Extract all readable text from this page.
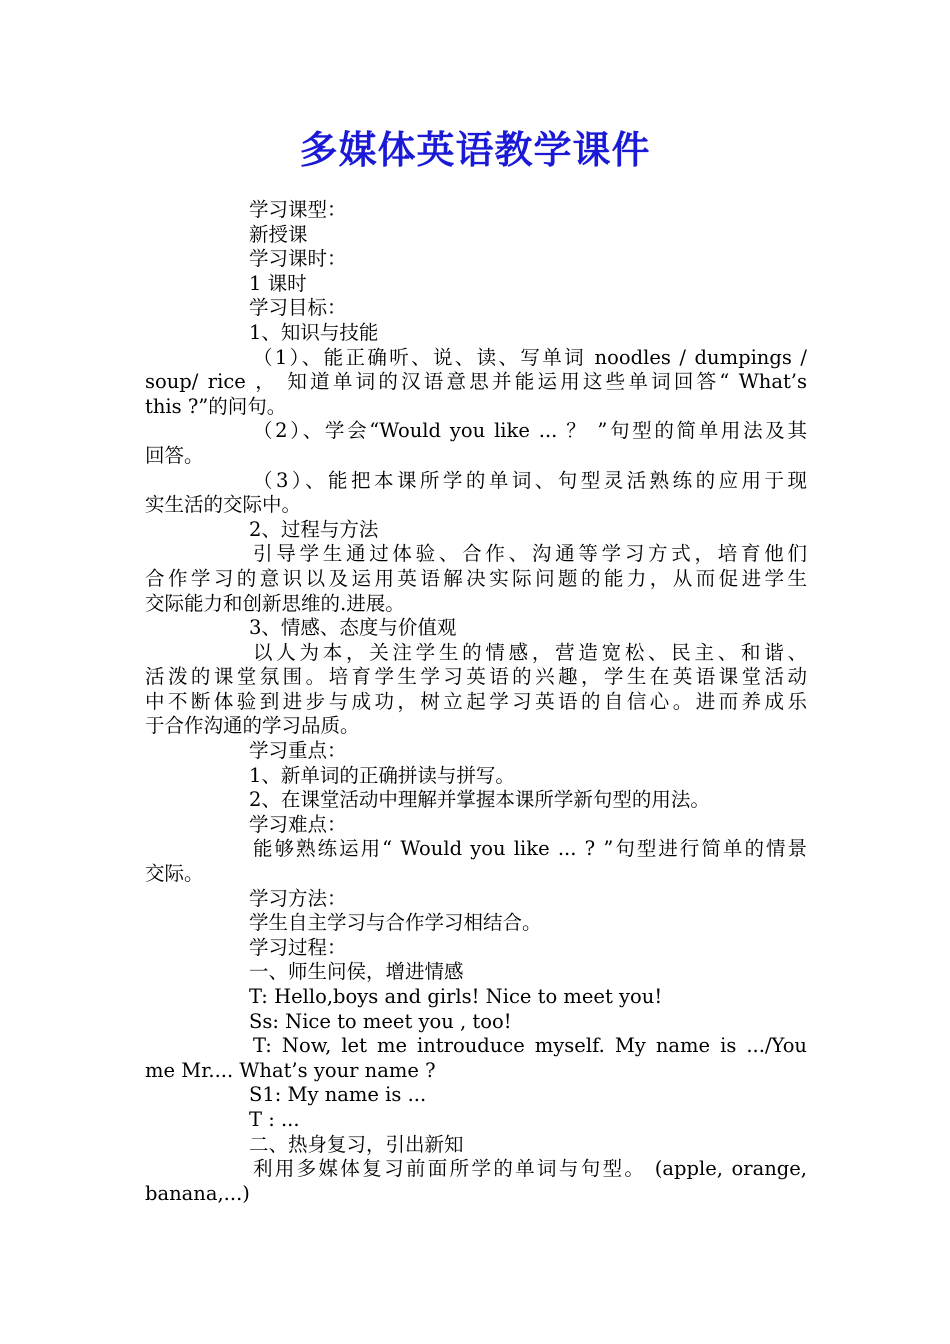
多媒体英语教学课件
学习课型：
新授课
学习课时：
1 课时
学习目标：
1、知识与技能
（1）、能正确听、说、读、写单词 noodles / dumpings /
soup/ rice ， 知道单词的汉语意思并能运用这些单词回答“ What’s
this ?”的问句。
（2）、学会“Would you like ... ？ ”句型的简单用法及其
回答。
（3）、能把本课所学的单词、句型灵活熟练的应用于现
实生活的交际中。
2、过程与方法
引导学生通过体验、合作、沟通等学习方式，培育他们
合作学习的意识以及运用英语解决实际问题的能力，从而促进学生
交际能力和创新思维的.进展。
3、情感、态度与价值观
以人为本，关注学生的情感，营造宽松、民主、和谐、
活泼的课堂氛围。培育学生学习英语的兴趣，学生在英语课堂活动
中不断体验到进步与成功，树立起学习英语的自信心。进而养成乐
于合作沟通的学习品质。
学习重点：
1、新单词的正确拼读与拼写。
2、在课堂活动中理解并掌握本课所学新句型的用法。
学习难点：
能够熟练运用“ Would you like ... ? ”句型进行简单的情景
交际。
学习方法：
学生自主学习与合作学习相结合。
学习过程：
一、师生问侯，增进情感
T: Hello,boys and girls! Nice to meet you!
Ss: Nice to meet you , too!
T: Now, let me introuduce myself. My name is .../You
me Mr.... What’s your name ?
S1: My name is ...
T : ...
二、热身复习，引出新知
利用多媒体复习前面所学的单词与句型。 (apple, orange,
banana,...)
